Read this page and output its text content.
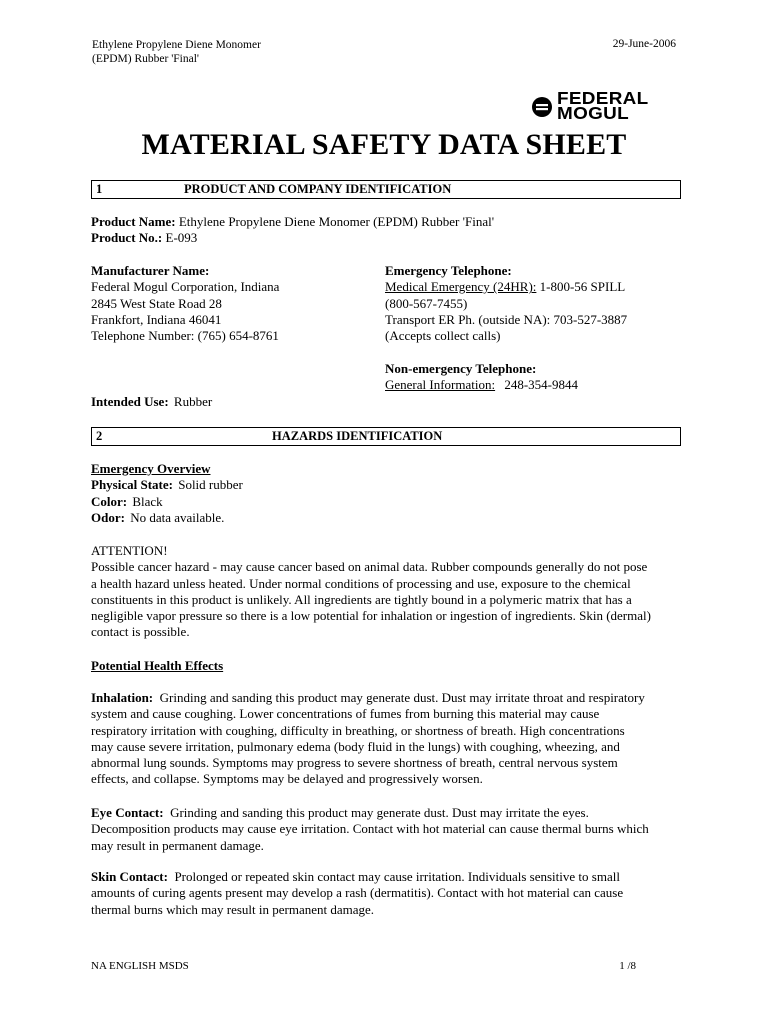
Ethylene Propylene Diene Monomer
(EPDM) Rubber 'Final'
29-June-2006
FEDERAL
MOGUL
MATERIAL SAFETY DATA SHEET
1	PRODUCT AND COMPANY IDENTIFICATION
Product Name: Ethylene Propylene Diene Monomer (EPDM) Rubber 'Final'
Product No.: E-093
Manufacturer Name:
Federal Mogul Corporation, Indiana
2845 West State Road 28
Frankfort, Indiana 46041
Telephone Number: (765) 654-8761
Emergency Telephone:
Medical Emergency (24HR): 1-800-56 SPILL
(800-567-7455)
Transport ER Ph. (outside NA): 703-527-3887
(Accepts collect calls)
Non-emergency Telephone:
General Information: 248-354-9844
Intended Use: Rubber
2	HAZARDS IDENTIFICATION
Emergency Overview
Physical State: Solid rubber
Color: Black
Odor: No data available.
ATTENTION!
Possible cancer hazard - may cause cancer based on animal data. Rubber compounds generally do not pose
a health hazard unless heated. Under normal conditions of processing and use, exposure to the chemical
constituents in this product is unlikely. All ingredients are tightly bound in a polymeric matrix that has a
negligible vapor pressure so there is a low potential for inhalation or ingestion of ingredients. Skin (dermal)
contact is possible.
Potential Health Effects
Inhalation: Grinding and sanding this product may generate dust. Dust may irritate throat and respiratory
system and cause coughing. Lower concentrations of fumes from burning this material may cause
respiratory irritation with coughing, difficulty in breathing, or shortness of breath. High concentrations
may cause severe irritation, pulmonary edema (body fluid in the lungs) with coughing, wheezing, and
abnormal lung sounds. Symptoms may progress to severe shortness of breath, central nervous system
effects, and collapse. Symptoms may be delayed and progressively worsen.
Eye Contact: Grinding and sanding this product may generate dust. Dust may irritate the eyes.
Decomposition products may cause eye irritation. Contact with hot material can cause thermal burns which
may result in permanent damage.
Skin Contact: Prolonged or repeated skin contact may cause irritation. Individuals sensitive to small
amounts of curing agents present may develop a rash (dermatitis). Contact with hot material can cause
thermal burns which may result in permanent damage.
NA ENGLISH MSDS	1 /8
